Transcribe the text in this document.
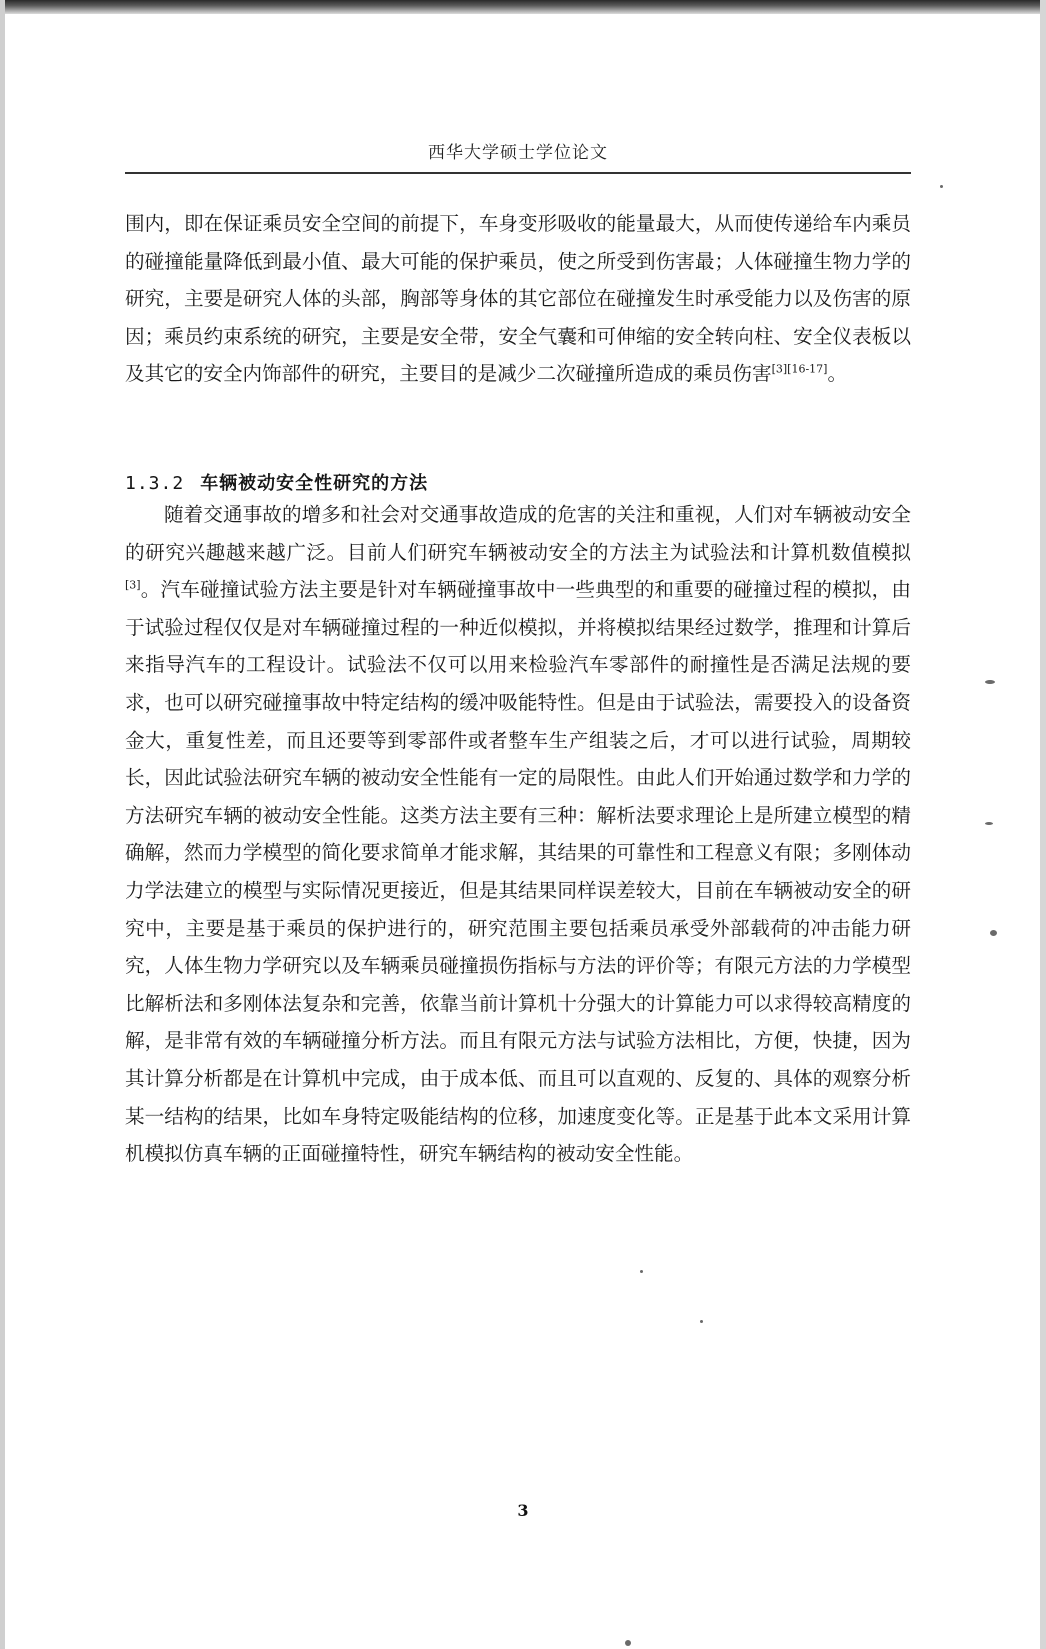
西华大学硕士学位论文

围内，即在保证乘员安全空间的前提下，车身变形吸收的能量最大，从而使传递给车内乘员的碰撞能量降低到最小值、最大可能的保护乘员，使之所受到伤害最；人体碰撞生物力学的研究，主要是研究人体的头部，胸部等身体的其它部位在碰撞发生时承受能力以及伤害的原因；乘员约束系统的研究，主要是安全带，安全气囊和可伸缩的安全转向柱、安全仪表板以及其它的安全内饰部件的研究，主要目的是减少二次碰撞所造成的乘员伤害[3][16-17]。

1.3.2 车辆被动安全性研究的方法

随着交通事故的增多和社会对交通事故造成的危害的关注和重视，人们对车辆被动安全的研究兴趣越来越广泛。目前人们研究车辆被动安全的方法主为试验法和计算机数值模拟[3]。汽车碰撞试验方法主要是针对车辆碰撞事故中一些典型的和重要的碰撞过程的模拟，由于试验过程仅仅是对车辆碰撞过程的一种近似模拟，并将模拟结果经过数学，推理和计算后来指导汽车的工程设计。试验法不仅可以用来检验汽车零部件的耐撞性是否满足法规的要求，也可以研究碰撞事故中特定结构的缓冲吸能特性。但是由于试验法，需要投入的设备资金大，重复性差，而且还要等到零部件或者整车生产组装之后，才可以进行试验，周期较长，因此试验法研究车辆的被动安全性能有一定的局限性。由此人们开始通过数学和力学的方法研究车辆的被动安全性能。这类方法主要有三种：解析法要求理论上是所建立模型的精确解，然而力学模型的简化要求简单才能求解，其结果的可靠性和工程意义有限；多刚体动力学法建立的模型与实际情况更接近，但是其结果同样误差较大，目前在车辆被动安全的研究中，主要是基于乘员的保护进行的，研究范围主要包括乘员承受外部载荷的冲击能力研究，人体生物力学研究以及车辆乘员碰撞损伤指标与方法的评价等；有限元方法的力学模型比解析法和多刚体法复杂和完善，依靠当前计算机十分强大的计算能力可以求得较高精度的解，是非常有效的车辆碰撞分析方法。而且有限元方法与试验方法相比，方便，快捷，因为其计算分析都是在计算机中完成，由于成本低、而且可以直观的、反复的、具体的观察分析某一结构的结果，比如车身特定吸能结构的位移，加速度变化等。正是基于此本文采用计算机模拟仿真车辆的正面碰撞特性，研究车辆结构的被动安全性能。

3
